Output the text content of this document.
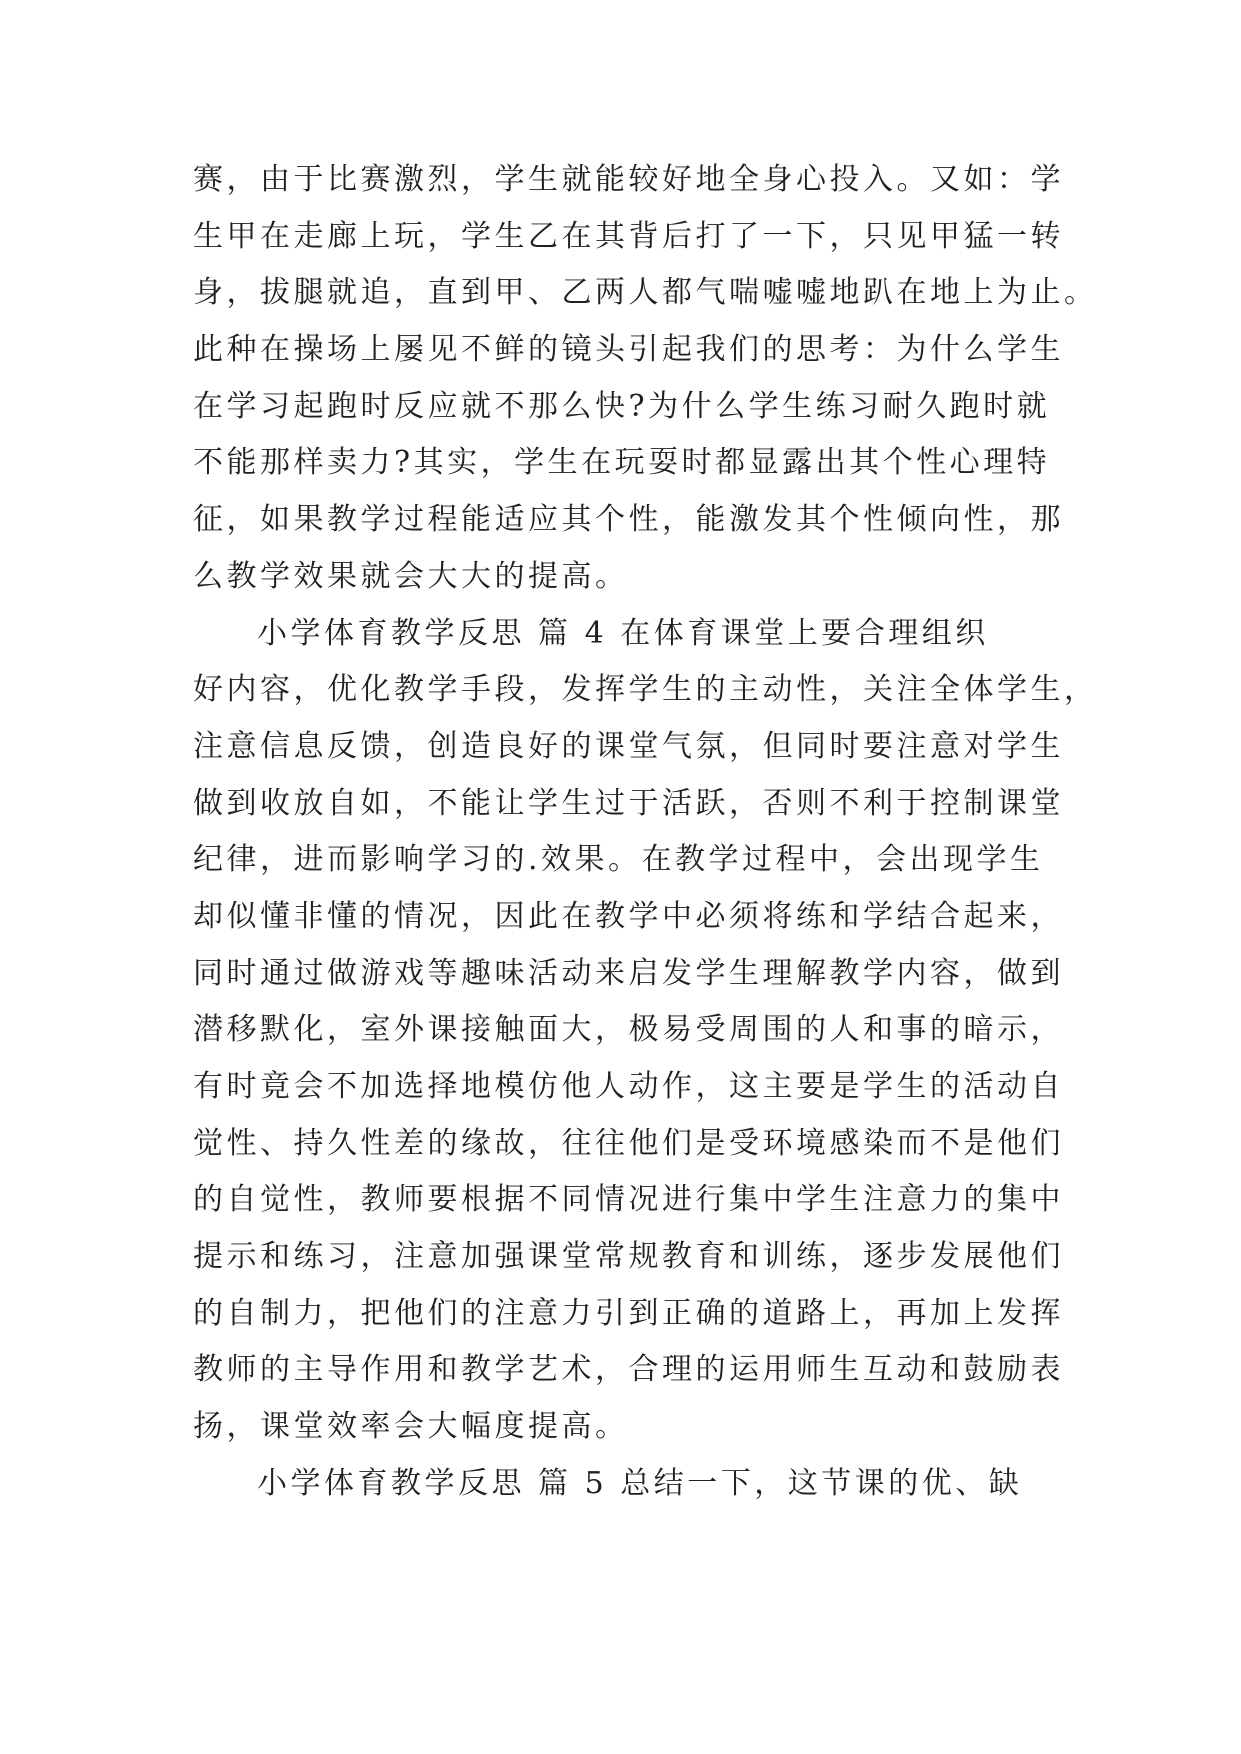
赛，由于比赛激烈，学生就能较好地全身心投入。又如：学
生甲在走廊上玩，学生乙在其背后打了一下，只见甲猛一转
身，拔腿就追，直到甲、乙两人都气喘嘘嘘地趴在地上为止。
此种在操场上屡见不鲜的镜头引起我们的思考：为什么学生
在学习起跑时反应就不那么快?为什么学生练习耐久跑时就
不能那样卖力?其实，学生在玩耍时都显露出其个性心理特
征，如果教学过程能适应其个性，能激发其个性倾向性，那
么教学效果就会大大的提高。
小学体育教学反思 篇 4 在体育课堂上要合理组织
好内容，优化教学手段，发挥学生的主动性，关注全体学生，
注意信息反馈，创造良好的课堂气氛，但同时要注意对学生
做到收放自如，不能让学生过于活跃，否则不利于控制课堂
纪律，进而影响学习的.效果。在教学过程中，会出现学生
却似懂非懂的情况，因此在教学中必须将练和学结合起来，
同时通过做游戏等趣味活动来启发学生理解教学内容，做到
潜移默化，室外课接触面大，极易受周围的人和事的暗示，
有时竟会不加选择地模仿他人动作，这主要是学生的活动自
觉性、持久性差的缘故，往往他们是受环境感染而不是他们
的自觉性，教师要根据不同情况进行集中学生注意力的集中
提示和练习，注意加强课堂常规教育和训练，逐步发展他们
的自制力，把他们的注意力引到正确的道路上，再加上发挥
教师的主导作用和教学艺术，合理的运用师生互动和鼓励表
扬，课堂效率会大幅度提高。
小学体育教学反思 篇 5 总结一下，这节课的优、缺
